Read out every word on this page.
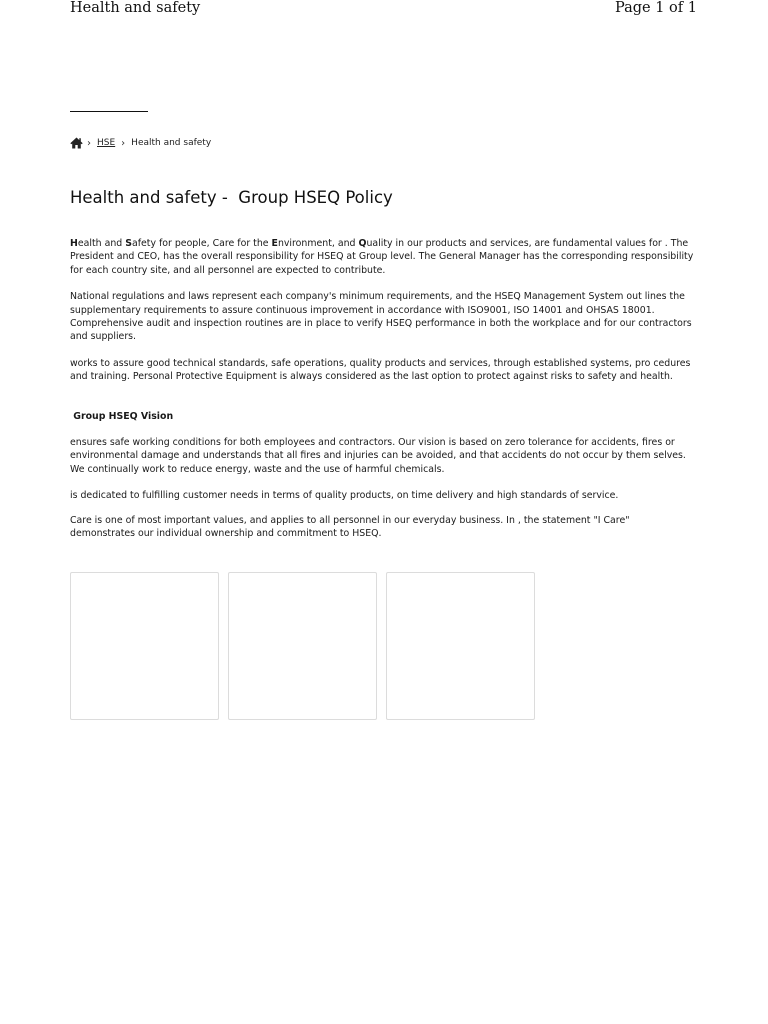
Health and safety	Page 1 of 1
› HSE › Health and safety
Health and safety -  Group HSEQ Policy

Health and Safety for people, Care for the Environment, and Quality in our products and services, are fundamental values for . The President and CEO, has the overall responsibility for HSEQ at Group level. The General Manager has the corresponding responsibility for each country site, and all personnel are expected to contribute.

National regulations and laws represent each company's minimum requirements, and the HSEQ Management System out lines the supplementary requirements to assure continuous improvement in accordance with ISO9001, ISO 14001 and OHSAS 18001. Comprehensive audit and inspection routines are in place to verify HSEQ performance in both the workplace and for our contractors and suppliers.

works to assure good technical standards, safe operations, quality products and services, through established systems, pro cedures and training. Personal Protective Equipment is always considered as the last option to protect against risks to safety and health.

Group HSEQ Vision

ensures safe working conditions for both employees and contractors. Our vision is based on zero tolerance for accidents, fires or environmental damage and understands that all fires and injuries can be avoided, and that accidents do not occur by them selves. We continually work to reduce energy, waste and the use of harmful chemicals.

is dedicated to fulfilling customer needs in terms of quality products, on time delivery and high standards of service.

Care is one of most important values, and applies to all personnel in our everyday business. In , the statement "I Care" demonstrates our individual ownership and commitment to HSEQ.
